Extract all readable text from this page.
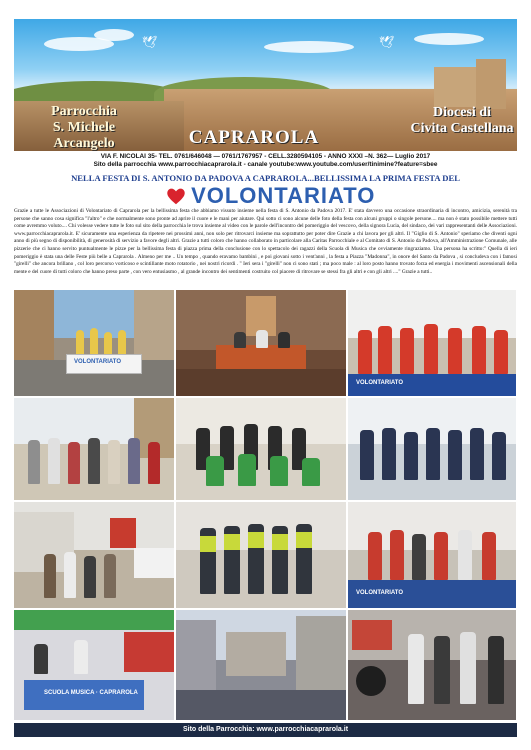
🕊	🕊
Parrocchia
S. Michele Arcangelo	CAPRAROLA
Diocesi di
Civita Castellana
VIA F. NICOLAI 35- TEL. 0761/646048 — 0761/1767957 - CELL.3280594105 - ANNO XXXI –N. 362— Luglio 2017
Sito della parrocchia www.parrocchiacaprarola.it - canale youtube:www.youtube.com/user/tinimine?feature=sbee
NELLA FESTA DI S. ANTONIO DA PADOVA A CAPRAROLA...BELLISSIMA LA PRIMA FESTA DEL
VOLONTARIATO

Grazie a tutte le Associazioni di Volontariato di Caprarola per la bellissima festa che abbiamo vissuto insieme nella festa di S. Antonio da Padova 2017. E' stata davvero una occasione straordinaria di incontro, amicizia, serenità tra persone che sanno cosa significa "l'altro" e che normalmente sono pronte ad aprire il cuore e le mani per aiutare. Qui sotto ci sono alcune delle foto della festa con alcuni gruppi o singole persone.... ma non è stato possibile mettere tutti come avremmo voluto.... Chi volesse vedere tutte le foto sul sito della parrocchia le trova insieme al video con le parole dell'incontro del pomeriggio del vescovo, della signora Lucia, del sindaco, dei vari rappresentanti delle Associazioni. www.parrocchiacaprarola.it. E' sicuramente una esperienza da ripetere nei prossimi anni, non solo per ritrovarci insieme ma soprattutto per poter dire Grazie a chi lavora per gli altri. Il "Giglio di S. Antonio" speriamo che diventi ogni anno di più segno di disponibilità, di generosità di servizio a favore degli altri. Grazie a tutti coloro che hanno collaborato in particolare alla Caritas Parrocchiale e al Comitato di S. Antonio da Padova, all'Amministrazione Comunale, alle pizzerie che ci hanno servito puntualmente le pizze per la bellissima festa di piazza prima della conclusione con lo spettacolo dei ragazzi della Scuola di Musica che ovviamente ringraziamo. Una persona ha scritto:" Quella di ieri pomeriggio è stata una delle Feste più belle a Caprarola . Almeno per me .. Un tempo , quando eravamo bambini , e poi giovani sotto i vent'anni , la festa a Piazza "Madonna", in onore del Santo da Padova , si concludeva con i famosi "girelli" che ancora brillano , col loro percorso vorticoso e scintillante moto rotatorio , nei nostri ricordi . " Ieri sera i "girelli" non ci sono stati ; ma poco male : al loro posto hanno trovato forza ed energia i movimenti ascensionali della mente e del cuore di tutti coloro che hanno preso parte , con vero entusiasmo , al grande incontro dei sentimenti costruito col piacere di ritrovare se stessi fra gli altri e con gli altri ...." Grazie a tutti..

VOLONTARIATO
VOLONTARIATO
VOLONTARIATO
SCUOLA MUSICA · CAPRAROLA
Sito della Parrocchia: www.parrocchiacaprarola.it
